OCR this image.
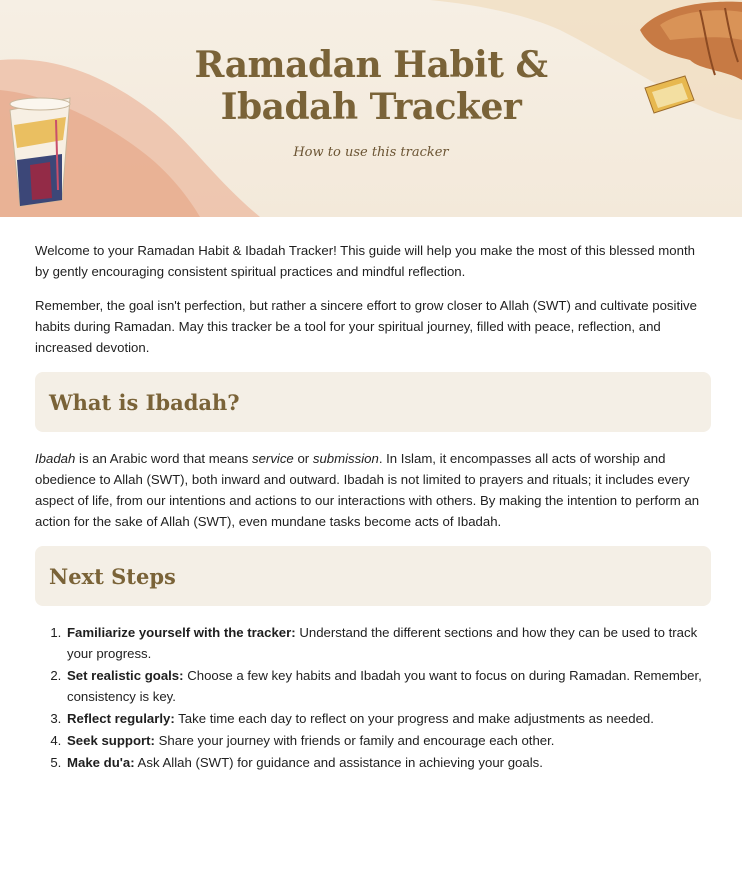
Ramadan Habit &
Ibadah Tracker
How to use this tracker

Welcome to your Ramadan Habit & Ibadah Tracker! This guide will help you make the most of this blessed month by gently encouraging consistent spiritual practices and mindful reflection.

Remember, the goal isn't perfection, but rather a sincere effort to grow closer to Allah (SWT) and cultivate positive habits during Ramadan. May this tracker be a tool for your spiritual journey, filled with peace, reflection, and increased devotion.

What is Ibadah?

Ibadah is an Arabic word that means service or submission. In Islam, it encompasses all acts of worship and obedience to Allah (SWT), both inward and outward. Ibadah is not limited to prayers and rituals; it includes every aspect of life, from our intentions and actions to our interactions with others. By making the intention to perform an action for the sake of Allah (SWT), even mundane tasks become acts of Ibadah.

Next Steps
1. Familiarize yourself with the tracker: Understand the different sections and how they can be used to track your progress.
2. Set realistic goals: Choose a few key habits and Ibadah you want to focus on during Ramadan. Remember, consistency is key.
3. Reflect regularly: Take time each day to reflect on your progress and make adjustments as needed.
4. Seek support: Share your journey with friends or family and encourage each other.
5. Make du'a: Ask Allah (SWT) for guidance and assistance in achieving your goals.
